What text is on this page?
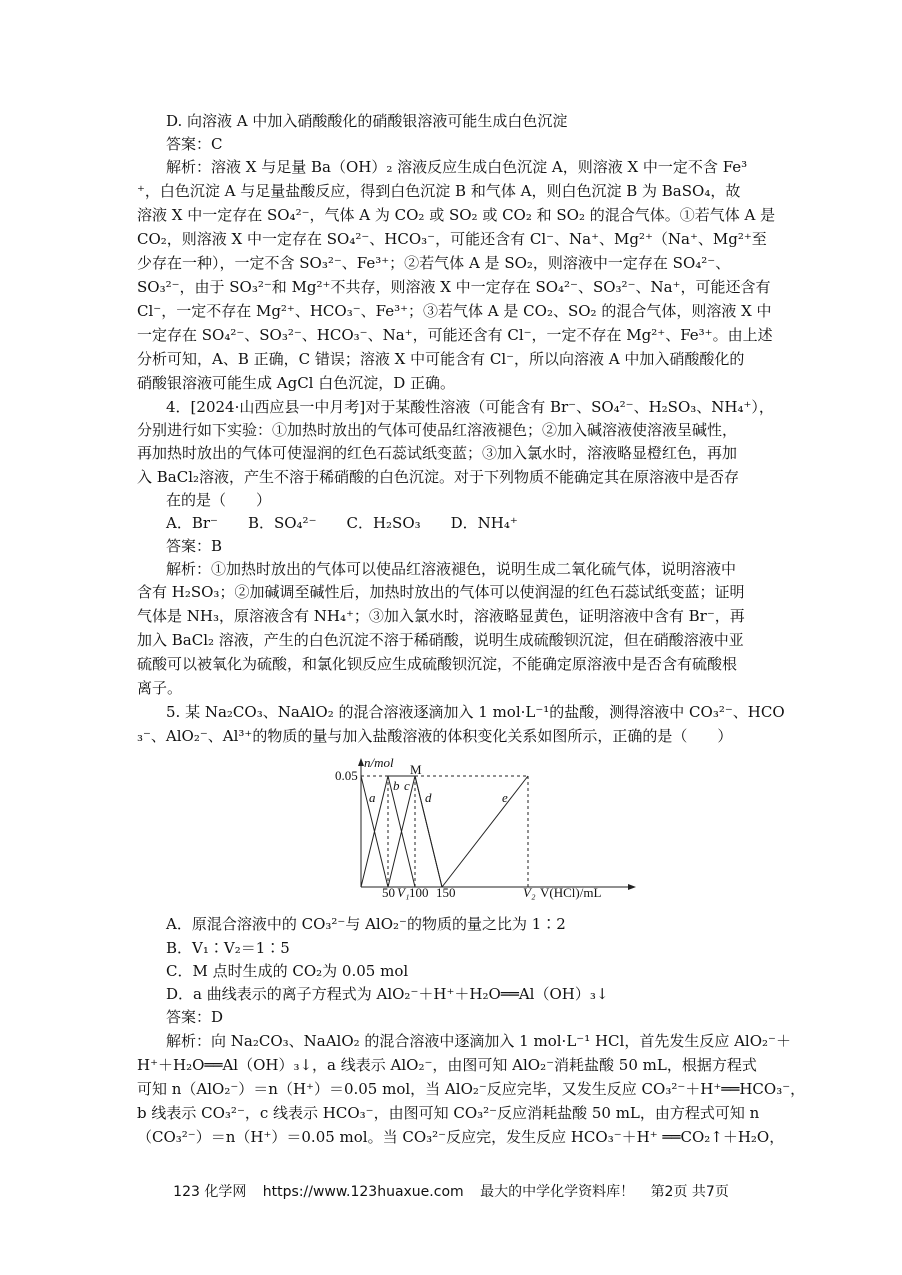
D. 向溶液 A 中加入硝酸酸化的硝酸银溶液可能生成白色沉淀
答案：C
解析：溶液 X 与足量 Ba（OH）₂ 溶液反应生成白色沉淀 A，则溶液 X 中一定不含 Fe³
⁺，白色沉淀 A 与足量盐酸反应，得到白色沉淀 B 和气体 A，则白色沉淀 B 为 BaSO₄，故
溶液 X 中一定存在 SO₄²⁻，气体 A 为 CO₂ 或 SO₂ 或 CO₂ 和 SO₂ 的混合气体。①若气体 A 是
CO₂，则溶液 X 中一定存在 SO₄²⁻、HCO₃⁻，可能还含有 Cl⁻、Na⁺、Mg²⁺（Na⁺、Mg²⁺至
少存在一种），一定不含 SO₃²⁻、Fe³⁺；②若气体 A 是 SO₂，则溶液中一定存在 SO₄²⁻、
SO₃²⁻，由于 SO₃²⁻和 Mg²⁺不共存，则溶液 X 中一定存在 SO₄²⁻、SO₃²⁻、Na⁺，可能还含有
Cl⁻，一定不存在 Mg²⁺、HCO₃⁻、Fe³⁺；③若气体 A 是 CO₂、SO₂ 的混合气体，则溶液 X 中
一定存在 SO₄²⁻、SO₃²⁻、HCO₃⁻、Na⁺，可能还含有 Cl⁻，一定不存在 Mg²⁺、Fe³⁺。由上述
分析可知，A、B 正确，C 错误；溶液 X 中可能含有 Cl⁻，所以向溶液 A 中加入硝酸酸化的
硝酸银溶液可能生成 AgCl 白色沉淀，D 正确。
4．[2024·山西应县一中月考]对于某酸性溶液（可能含有 Br⁻、SO₄²⁻、H₂SO₃、NH₄⁺），
分别进行如下实验：①加热时放出的气体可使品红溶液褪色；②加入碱溶液使溶液呈碱性，
再加热时放出的气体可使湿润的红色石蕊试纸变蓝；③加入氯水时，溶液略显橙红色，再加
入 BaCl₂溶液，产生不溶于稀硝酸的白色沉淀。对于下列物质不能确定其在原溶液中是否存
在的是（　　）
A．Br⁻　　B．SO₄²⁻　　C．H₂SO₃　　D．NH₄⁺
答案：B
解析：①加热时放出的气体可以使品红溶液褪色，说明生成二氧化硫气体，说明溶液中
含有 H₂SO₃；②加碱调至碱性后，加热时放出的气体可以使润湿的红色石蕊试纸变蓝；证明
气体是 NH₃，原溶液含有 NH₄⁺；③加入氯水时，溶液略显黄色，证明溶液中含有 Br⁻，再
加入 BaCl₂ 溶液，产生的白色沉淀不溶于稀硝酸，说明生成硫酸钡沉淀，但在硝酸溶液中亚
硫酸可以被氧化为硫酸，和氯化钡反应生成硫酸钡沉淀，不能确定原溶液中是否含有硫酸根
离子。
5. 某 Na₂CO₃、NaAlO₂ 的混合溶液逐滴加入 1 mol·L⁻¹的盐酸，测得溶液中 CO₃²⁻、HCO
₃⁻、AlO₂⁻、Al³⁺的物质的量与加入盐酸溶液的体积变化关系如图所示，正确的是（　　）
A．原混合溶液中的 CO₃²⁻与 AlO₂⁻的物质的量之比为 1∶2
B．V₁∶V₂＝1∶5
C．M 点时生成的 CO₂为 0.05 mol
D．a 曲线表示的离子方程式为 AlO₂⁻＋H⁺＋H₂O══Al（OH）₃↓
答案：D
解析：向 Na₂CO₃、NaAlO₂ 的混合溶液中逐滴加入 1 mol·L⁻¹ HCl，首先发生反应 AlO₂⁻＋
H⁺＋H₂O══Al（OH）₃↓，a 线表示 AlO₂⁻，由图可知 AlO₂⁻消耗盐酸 50 mL，根据方程式
可知 n（AlO₂⁻）＝n（H⁺）＝0.05 mol，当 AlO₂⁻反应完毕，又发生反应 CO₃²⁻＋H⁺══HCO₃⁻，
b 线表示 CO₃²⁻，c 线表示 HCO₃⁻，由图可知 CO₃²⁻反应消耗盐酸 50 mL，由方程式可知 n
（CO₃²⁻）＝n（H⁺）＝0.05 mol。当 CO₃²⁻反应完，发生反应 HCO₃⁻＋H⁺ ══CO₂↑＋H₂O，
n/mol
0.05	M
a
b c
d	e
50 V₁ 100 150	V₂ V(HCl)/mL
123 化学网 https://www.123huaxue.com 最大的中学化学资料库！ 第2页 共7页
